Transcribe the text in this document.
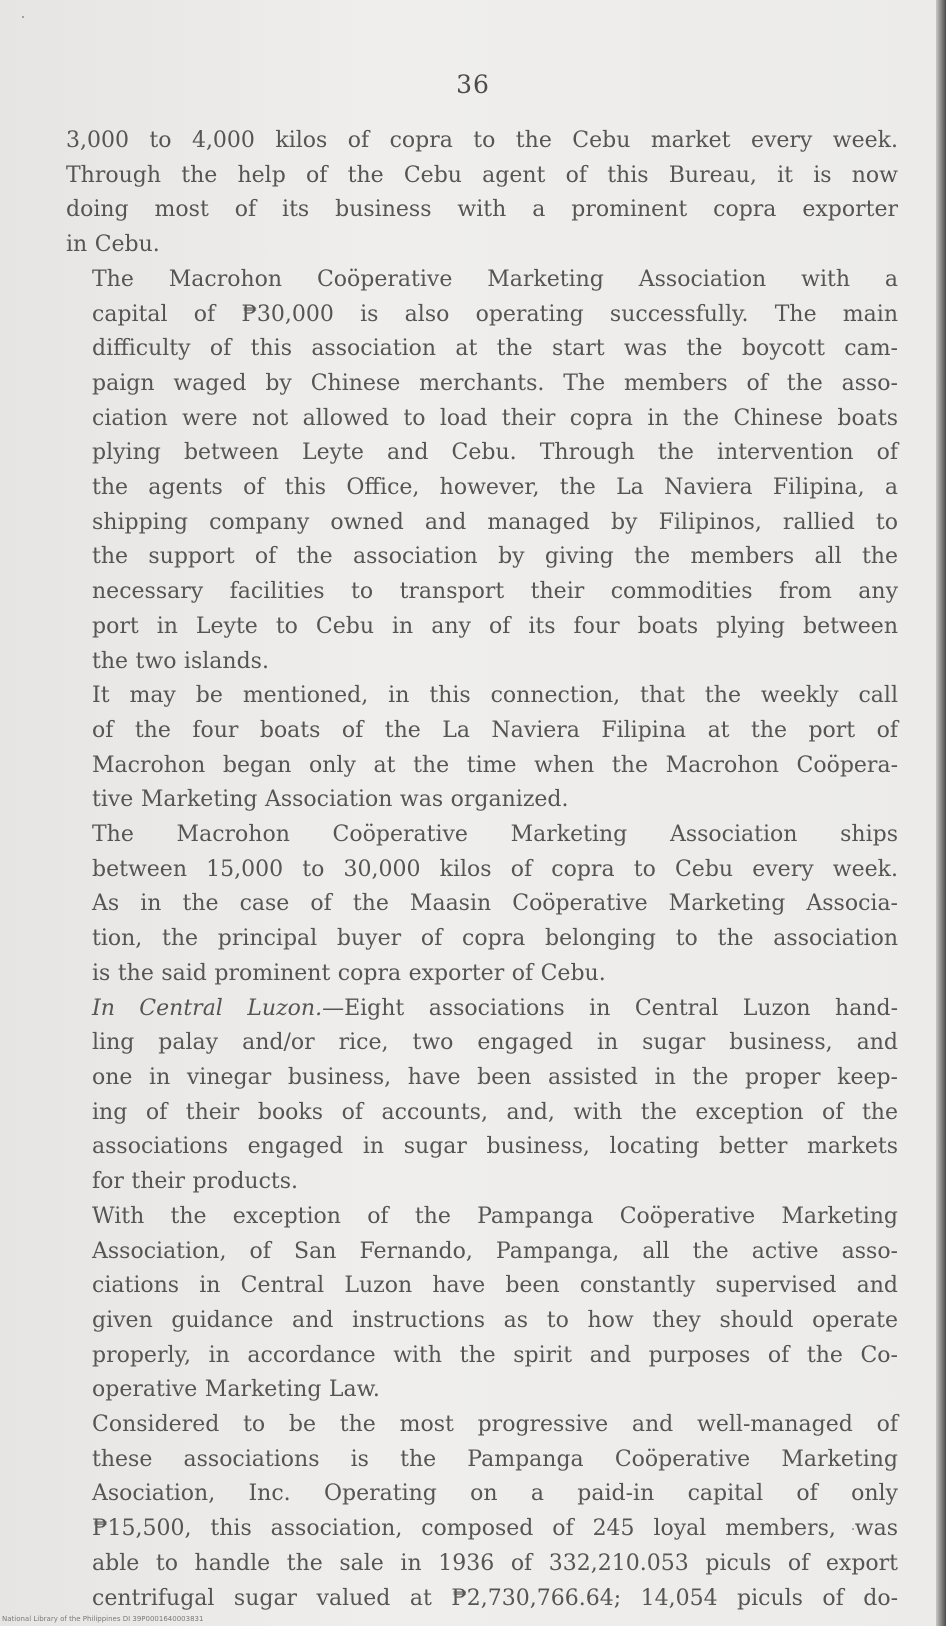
36
3,000 to 4,000 kilos of copra to the Cebu market every week.
Through the help of the Cebu agent of this Bureau, it is now
doing most of its business with a prominent copra exporter
in Cebu.
The Macrohon Coöperative Marketing Association with a
capital of ₱30,000 is also operating successfully. The main
difficulty of this association at the start was the boycott cam-
paign waged by Chinese merchants. The members of the asso-
ciation were not allowed to load their copra in the Chinese boats
plying between Leyte and Cebu. Through the intervention of
the agents of this Office, however, the La Naviera Filipina, a
shipping company owned and managed by Filipinos, rallied to
the support of the association by giving the members all the
necessary facilities to transport their commodities from any
port in Leyte to Cebu in any of its four boats plying between
the two islands.
It may be mentioned, in this connection, that the weekly call
of the four boats of the La Naviera Filipina at the port of
Macrohon began only at the time when the Macrohon Coöpera-
tive Marketing Association was organized.
The Macrohon Coöperative Marketing Association ships
between 15,000 to 30,000 kilos of copra to Cebu every week.
As in the case of the Maasin Coöperative Marketing Associa-
tion, the principal buyer of copra belonging to the association
is the said prominent copra exporter of Cebu.
In Central Luzon.—Eight associations in Central Luzon hand-
ling palay and/or rice, two engaged in sugar business, and
one in vinegar business, have been assisted in the proper keep-
ing of their books of accounts, and, with the exception of the
associations engaged in sugar business, locating better markets
for their products.
With the exception of the Pampanga Coöperative Marketing
Association, of San Fernando, Pampanga, all the active asso-
ciations in Central Luzon have been constantly supervised and
given guidance and instructions as to how they should operate
properly, in accordance with the spirit and purposes of the Co-
operative Marketing Law.
Considered to be the most progressive and well-managed of
these associations is the Pampanga Coöperative Marketing
Asociation, Inc. Operating on a paid-in capital of only
₱15,500, this association, composed of 245 loyal members, was
able to handle the sale in 1936 of 332,210.053 piculs of export
centrifugal sugar valued at ₱2,730,766.64; 14,054 piculs of do-
National Library of the Philippines DI 39P0001640003831
